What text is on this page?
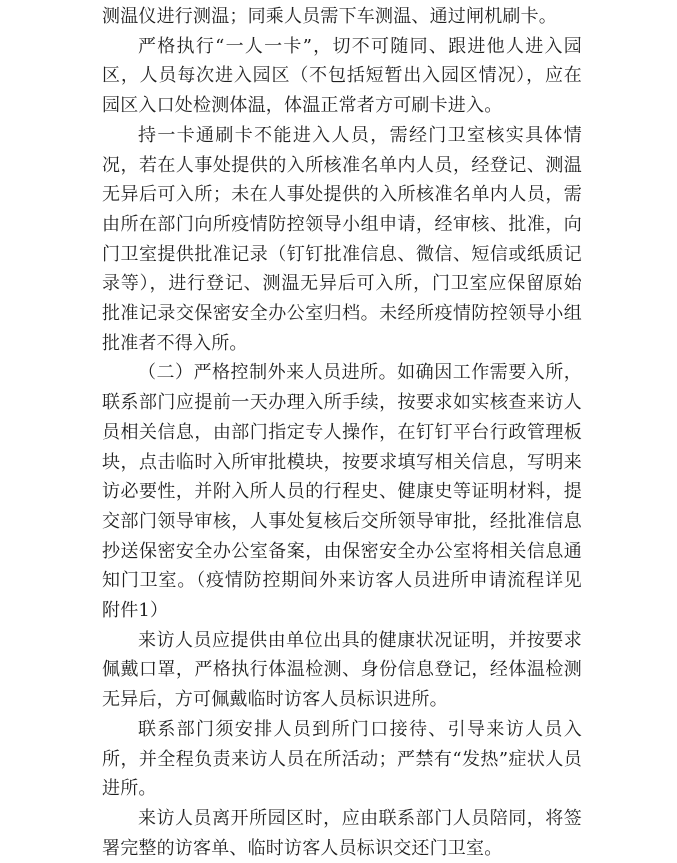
测温仪进行测温；同乘人员需下车测温、通过闸机刷卡。

严格执行“一人一卡”，切不可随同、跟进他人进入园区，人员每次进入园区（不包括短暂出入园区情况），应在园区入口处检测体温，体温正常者方可刷卡进入。

持一卡通刷卡不能进入人员，需经门卫室核实具体情况，若在人事处提供的入所核准名单内人员，经登记、测温无异后可入所；未在人事处提供的入所核准名单内人员，需由所在部门向所疫情防控领导小组申请，经审核、批准，向门卫室提供批准记录（钉钉批准信息、微信、短信或纸质记录等），进行登记、测温无异后可入所，门卫室应保留原始批准记录交保密安全办公室归档。未经所疫情防控领导小组批准者不得入所。

（二）严格控制外来人员进所。如确因工作需要入所，联系部门应提前一天办理入所手续，按要求如实核查来访人员相关信息，由部门指定专人操作，在钉钉平台行政管理板块，点击临时入所审批模块，按要求填写相关信息，写明来访必要性，并附入所人员的行程史、健康史等证明材料，提交部门领导审核，人事处复核后交所领导审批，经批准信息抄送保密安全办公室备案，由保密安全办公室将相关信息通知门卫室。（疫情防控期间外来访客人员进所申请流程详见附件1）

来访人员应提供由单位出具的健康状况证明，并按要求佩戴口罩，严格执行体温检测、身份信息登记，经体温检测无异后，方可佩戴临时访客人员标识进所。

联系部门须安排人员到所门口接待、引导来访人员入所，并全程负责来访人员在所活动；严禁有“发热”症状人员进所。

来访人员离开所园区时，应由联系部门人员陪同，将签署完整的访客单、临时访客人员标识交还门卫室。
